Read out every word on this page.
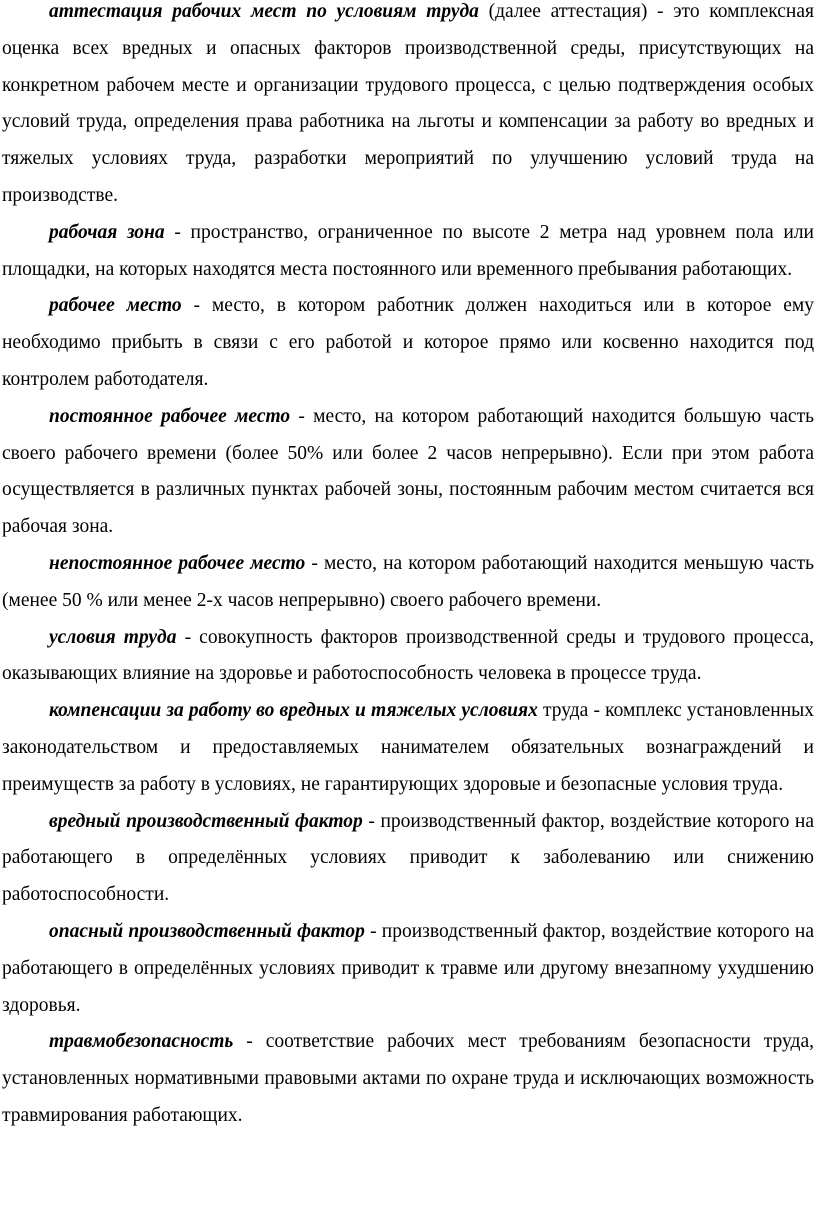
аттестация рабочих мест по условиям труда (далее аттестация) - это комплексная оценка всех вредных и опасных факторов производственной среды, присутствующих на конкретном рабочем месте и организации трудового процесса, с целью подтверждения особых условий труда, определения права работника на льготы и компенсации за работу во вредных и тяжелых условиях труда, разработки мероприятий по улучшению условий труда на производстве.

рабочая зона - пространство, ограниченное по высоте 2 метра над уровнем пола или площадки, на которых находятся места постоянного или временного пребывания работающих.

рабочее место - место, в котором работник должен находиться или в которое ему необходимо прибыть в связи с его работой и которое прямо или косвенно находится под контролем работодателя.

постоянное рабочее место - место, на котором работающий находится большую часть своего рабочего времени (более 50% или более 2 часов непрерывно). Если при этом работа осуществляется в различных пунктах рабочей зоны, постоянным рабочим местом считается вся рабочая зона.

непостоянное рабочее место - место, на котором работающий находится меньшую часть (менее 50 % или менее 2-х часов непрерывно) своего рабочего времени.

условия труда - совокупность факторов производственной среды и трудового процесса, оказывающих влияние на здоровье и работоспособность человека в процессе труда.

компенсации за работу во вредных и тяжелых условиях труда - комплекс установленных законодательством и предоставляемых нанимателем обязательных вознаграждений и преимуществ за работу в условиях, не гарантирующих здоровые и безопасные условия труда.

вредный производственный фактор - производственный фактор, воздействие которого на работающего в определённых условиях приводит к заболеванию или снижению работоспособности.

опасный производственный фактор - производственный фактор, воздействие которого на работающего в определённых условиях приводит к травме или другому внезапному ухудшению здоровья.

травмобезопасность - соответствие рабочих мест требованиям безопасности труда, установленных нормативными правовыми актами по охране труда и исключающих возможность травмирования работающих.
